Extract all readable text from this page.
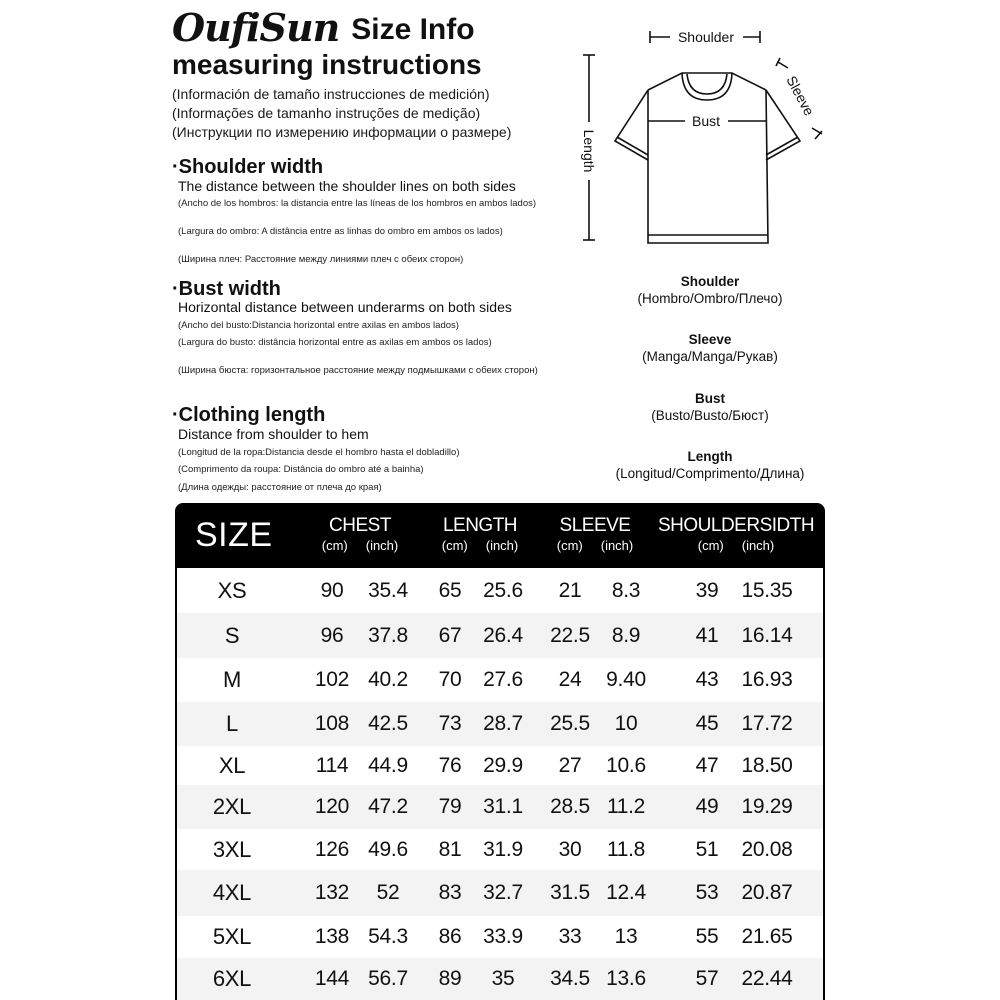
OufiSun Size Info
measuring instructions
(Información de tamaño instrucciones de medición)
(Informações de tamanho instruções de medição)
(Инструкции по измерению информации о размере)
·Shoulder width
The distance between the shoulder lines on both sides
(Ancho de los hombros: la distancia entre las líneas de los hombros en ambos lados)
(Largura do ombro: A distância entre as linhas do ombro em ambos os lados)
(Ширина плеч: Расстояние между линиями плеч с обеих сторон)
·Bust width
Horizontal distance between underarms on both sides
(Ancho del busto:Distancia horizontal entre axilas en ambos lados)
(Largura do busto: distância horizontal entre as axilas em ambos os lados)
(Ширина бюста: горизонтальное расстояние между подмышками с обеих сторон)
·Clothing length
Distance from shoulder to hem
(Longitud de la ropa:Distancia desde el hombro hasta el dobladillo)
(Comprimento da roupa: Distância do ombro até a bainha)
(Длина одежды: расстояние от плеча до края)
Shoulder
Bust
Length
Sleeve
Shoulder
(Hombro/Ombro/Плечо)
Sleeve
(Manga/Manga/Рукав)
Bust
(Busto/Busto/Бюст)
Length
(Longitud/Comprimento/Длина)
SIZE	CHEST
(cm) (inch)
LENGTH
(cm) (inch)
SLEEVE
(cm) (inch)
SHOULDERSIDTH
(cm) (inch)
XS	90	35.4	65	25.6	21	8.3	39	15.35
S	96	37.8	67	26.4	22.5	8.9	41	16.14
M	102 40.2	70	27.6	24	9.40	43	16.93
L	108 42.5	73	28.7	25.5	10	45	17.72
XL	114 44.9	76	29.9	27	10.6	47	18.50
2XL	120 47.2	79	31.1	28.5 11.2	49	19.29
3XL	126 49.6	81	31.9	30	11.8	51	20.08
4XL	132	52	83	32.7	31.5 12.4	53	20.87
5XL	138 54.3	86	33.9	33	13	55	21.65
6XL	144 56.7	89	35	34.5 13.6	57	22.44
